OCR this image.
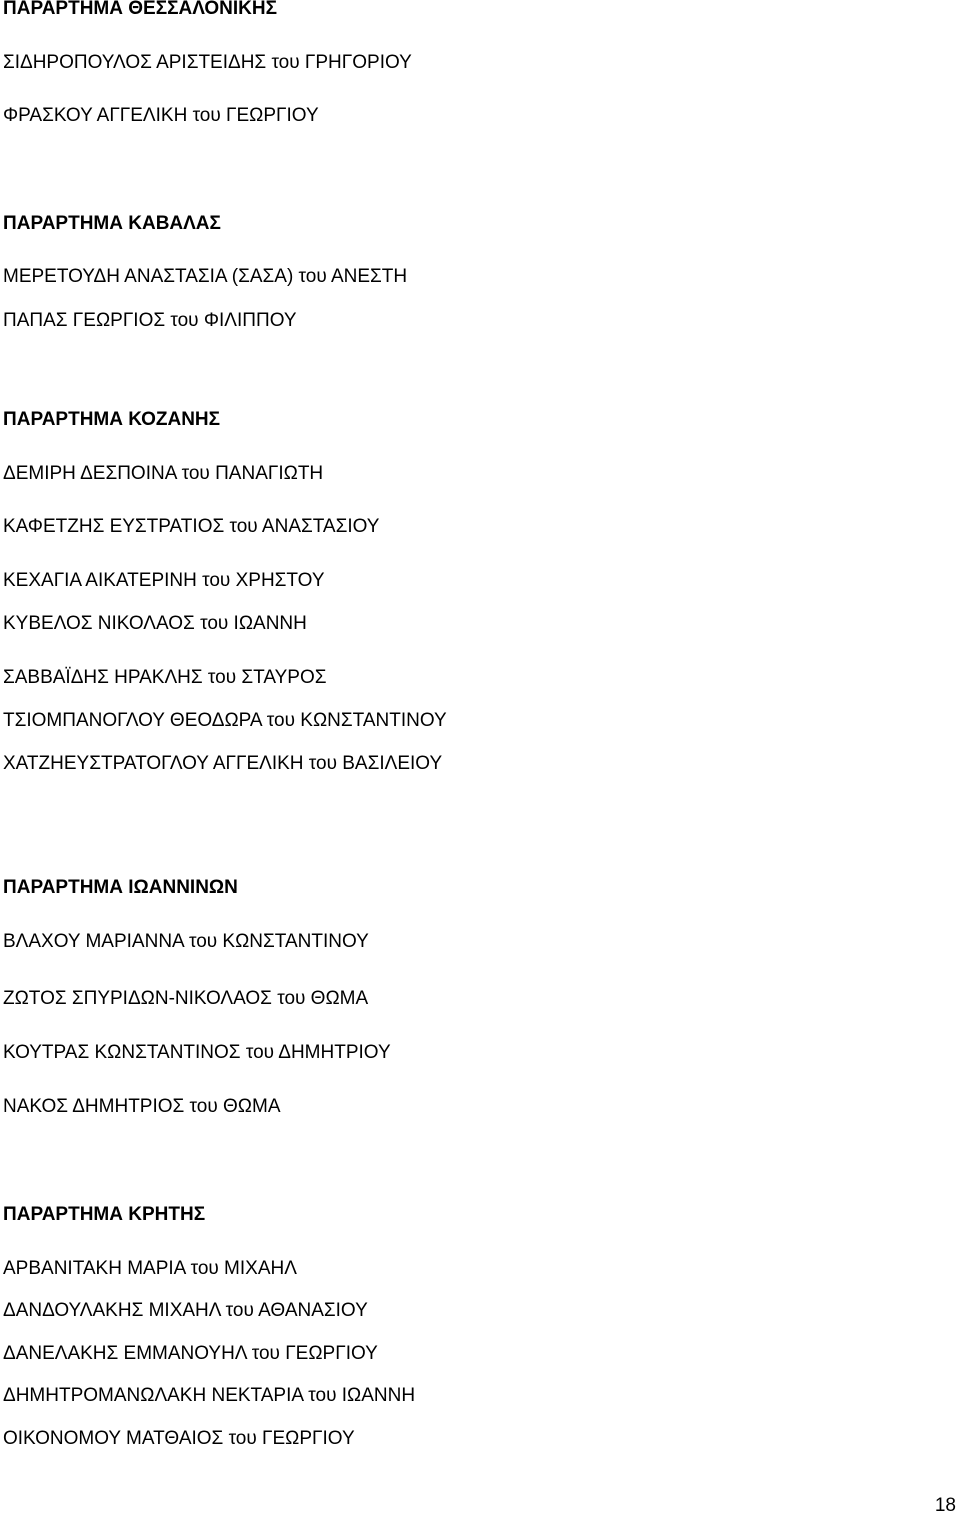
ΠΑΡΑΡΤΗΜΑ ΘΕΣΣΑΛΟΝΙΚΗΣ
ΣΙΔΗΡΟΠΟΥΛΟΣ ΑΡΙΣΤΕΙΔΗΣ του ΓΡΗΓΟΡΙΟΥ
ΦΡΑΣΚΟΥ ΑΓΓΕΛΙΚΗ του ΓΕΩΡΓΙΟΥ
ΠΑΡΑΡΤΗΜΑ ΚΑΒΑΛΑΣ
ΜΕΡΕΤΟΥΔΗ ΑΝΑΣΤΑΣΙΑ (ΣΑΣΑ) του ΑΝΕΣΤΗ
ΠΑΠΑΣ ΓΕΩΡΓΙΟΣ του ΦΙΛΙΠΠΟΥ
ΠΑΡΑΡΤΗΜΑ ΚΟΖΑΝΗΣ
ΔΕΜΙΡΗ ΔΕΣΠΟΙΝΑ του ΠΑΝΑΓΙΩΤΗ
ΚΑΦΕΤΖΗΣ ΕΥΣΤΡΑΤΙΟΣ του ΑΝΑΣΤΑΣΙΟΥ
ΚΕΧΑΓΙΑ ΑΙΚΑΤΕΡΙΝΗ του ΧΡΗΣΤΟΥ
ΚΥΒΕΛΟΣ ΝΙΚΟΛΑΟΣ του ΙΩΑΝΝΗ
ΣΑΒΒΑΪΔΗΣ ΗΡΑΚΛΗΣ του ΣΤΑΥΡΟΣ
ΤΣΙΟΜΠΑΝΟΓΛΟΥ ΘΕΟΔΩΡΑ του ΚΩΝΣΤΑΝΤΙΝΟΥ
ΧΑΤΖΗΕΥΣΤΡΑΤΟΓΛΟΥ ΑΓΓΕΛΙΚΗ του ΒΑΣΙΛΕΙΟΥ
ΠΑΡΑΡΤΗΜΑ ΙΩΑΝΝΙΝΩΝ
ΒΛΑΧΟΥ ΜΑΡΙΑΝΝΑ του ΚΩΝΣΤΑΝΤΙΝΟΥ
ΖΩΤΟΣ ΣΠΥΡΙΔΩΝ-ΝΙΚΟΛΑΟΣ του ΘΩΜΑ
ΚΟΥΤΡΑΣ ΚΩΝΣΤΑΝΤΙΝΟΣ του ΔΗΜΗΤΡΙΟΥ
ΝΑΚΟΣ ΔΗΜΗΤΡΙΟΣ του ΘΩΜΑ
ΠΑΡΑΡΤΗΜΑ ΚΡΗΤΗΣ
ΑΡΒΑΝΙΤΑΚΗ ΜΑΡΙΑ του ΜΙΧΑΗΛ
ΔΑΝΔΟΥΛΑΚΗΣ ΜΙΧΑΗΛ του ΑΘΑΝΑΣΙΟΥ
ΔΑΝΕΛΑΚΗΣ ΕΜΜΑΝΟΥΗΛ του ΓΕΩΡΓΙΟΥ
ΔΗΜΗΤΡΟΜΑΝΩΛΑΚΗ ΝΕΚΤΑΡΙΑ του ΙΩΑΝΝΗ
ΟΙΚΟΝΟΜΟΥ ΜΑΤΘΑΙΟΣ του ΓΕΩΡΓΙΟΥ
18
